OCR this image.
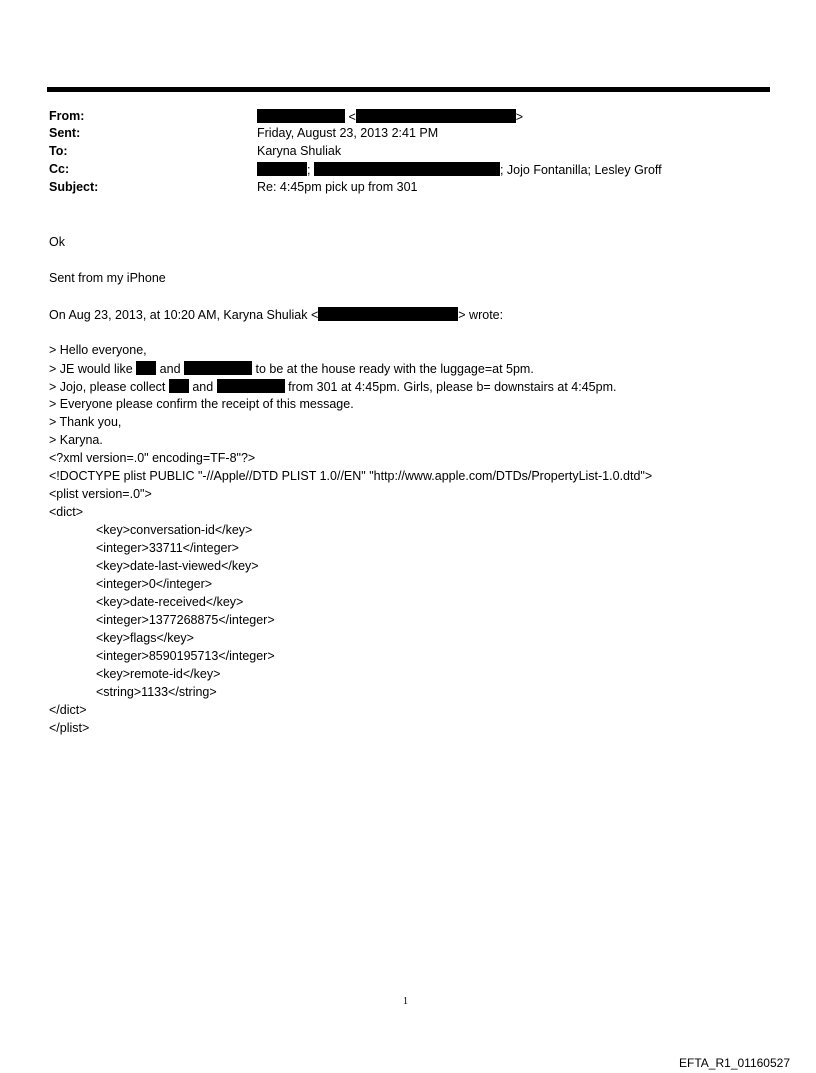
From:	<	>
Sent:	Friday, August 23, 2013 2:41 PM
To:	Karyna Shuliak
Cc:	;	; Jojo Fontanilla; Lesley Groff
Subject:	Re: 4:45pm pick up from 301
Ok
Sent from my iPhone
On Aug 23, 2013, at 10:20 AM, Karyna Shuliak <	> wrote:
> Hello everyone,
> JE would like  and	to be at the house ready with the luggage=at 5pm.
> Jojo, please collect  and	from 301 at 4:45pm. Girls, please b= downstairs at 4:45pm.
> Everyone please confirm the receipt of this message.
> Thank you,
> Karyna.
<?xml version=.0" encoding=TF-8"?>
<!DOCTYPE plist PUBLIC "-//Apple//DTD PLIST 1.0//EN" "http://www.apple.com/DTDs/PropertyList-1.0.dtd">
<plist version=.0">
<dict>
<key>conversation-id</key>
<integer>33711</integer>
<key>date-last-viewed</key>
<integer>0</integer>
<key>date-received</key>
<integer>1377268875</integer>
<key>flags</key>
<integer>8590195713</integer>
<key>remote-id</key>
<string>1133</string>
</dict>
</plist>
1
EFTA_R1_01160527
